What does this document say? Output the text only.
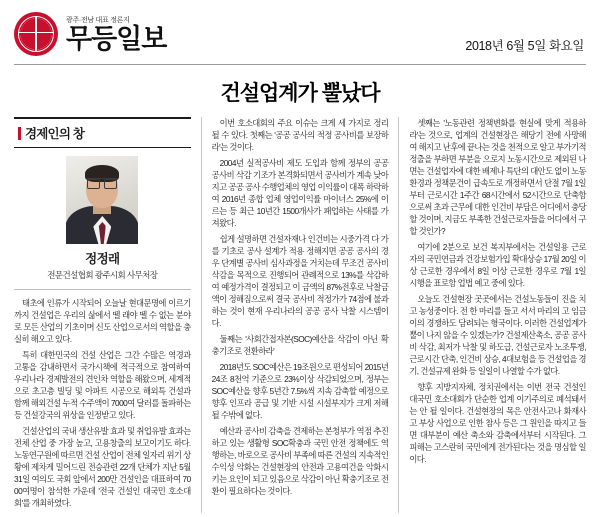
광주·전남 대표 정론지
무등일보	2018년 6월 5일 화요일
건설업계가 뿔났다
경제인의 창
정정래
전문건설협회 광주시회 사무처장

태초에 인류가 시작되어 오늘날 현대문명에 이르기까지 건설업은 우리의 삶에서 뗄 래야 뗄 수 없는 분야로 모든 산업의 기초이며 신도 산업으로서의 역할을 충실히 해오고 있다.

특히 대한민국의 건설 산업은 그간 수많은 역경과 고통을 감내하면서 국가시책에 적극적으로 참여하여 우리나라 경제발전의 견인차 역할을 해왔으며, 세계적으로 초고층 빌딩 및 아파트 시공으로 해외특 건설과 함께 해외건설 누적 수주액이 7000여 달러를 돌파하는 등 건설강국의 위상을 인정받고 있다.

건설산업의 국내 생산유발 효과 및 취업유발 효과는 전체 산업 중 가장 높고, 고용창출의 보고이기도 하다. 노동연구원에 따르면 건설 산업이 전체 일자리 위기 상황에 제차게 밀어드린 전승관련 22개 단체가 지난 5월 31일 여의도 국회 앞에서 200만 건설인을 대표하여 7000여명이 참석한 가운데 '전국 건설인 대국민 호소대회'를 개최하였다.

이번 호소대회의 주요 이슈는 크게 세 가지로 정리될 수 있다. 첫째는 '공공 공사의 적정 공사비를 보장하라'는 것이다.

2004년 실적공사비 제도 도입과 함께 정부의 공공 공사비 삭감 기조가 본격화되면서 공사비가 계속 낮아지고 공공 공사 수행업체의 영업 이익률이 대폭 하락하여 2016년 종합 업체 영업이익률 마이너스 25%에 이르는 등 최근 10년간 1500개사가 패업하는 사태를 가져왔다.

쉽게 설명하면 건설자재나 인건비는 시중가격 다 가를 기초로 공사 설계가 적용 정해지면 공공 공사의 경우 단계별 공사비 심사과정을 거치는데 무조건 공사비 삭감을 목적으로 진행되어 관례적으로 13%를 삭감하여 예정가격이 결정되고 이 금액의 87%전후로 낙찰금액이 정해짐으로써 결국 공사비 적정가가 74점에 불과하는 것이 현재 우리나라의 공공 공사 낙찰 시스템이다.

둘째는 '사회간접자본(SOC)예산을 삭감이 아닌 확충기조로 전환하라'

2018년도 SOC예산은 19조원으로 편성되어 2015년 24조 8천억 기준으로 23%이상 삭감되었으며, 정부는 SOC예산을 향후 5년간 7.5%씩 지속 감축할 예정으로 향후 인프라 공급 및 기반 시설 시설부지가 크게 저해될 수밖에 없다.

예산과 공사비 감축을 견제하는 본청부가 역점 추진하고 있는 생활형 SOC확충과 국민 안전 정책에도 역행하는, 바로으로 공사비 부족에 따른 건설의 지속적인 수익성 악화는 건설현장의 안전과 고용여건을 악화시키는 요인이 되고 있음으로 삭감이 아닌 확충기조로 전환이 필요하다는 것이다.

셋째는 '노동관련 정책변화를 현실에 맞게 적용하라'는 것으로, 업계의 건설현장은 해당기 전에 사망해여 해지고 난후에 끝나는 것을 천적으로 알고 부가기적 정출을 부하면 부분을 으로지 노동시간으로 제외된 나면는 건설업자에 대한 배제나 특단의 대안도 없이 노동 환경과 정책문건이 급속도로 개정하면서 단절 7월 1일부터 근로시간 1주간 68시간에서 52시간으로 단축함으로써 초과 근무에 대한 인건비 부담은 어디에서 충당할 것이며, 지금도 부족한 건설근로자들을 어디에서 구할 것인가?

여기에 2분으로 보건 복지부에서는 건설일용 근로자의 국민연금과 건강보험가입 확대상승 17월 20일 이상 근로한 경우에서 8일 이상 근로한 경우로 7월 1일 시행을 표로함 업법 예고 중에 있다.

오늘도 건설현장 곳곳에서는 건설노동들이 진을 치고 농성중이다. 전 한 마리를 들고 서서 마리의 고 임금이의 경쟁하도 담려되는 형국이다. 이러한 건설업계가 뿔이 나지 않을 수 있겠는가? 건설제산촉소, 공공 공사비 삭감, 최저가 낙찰 및 하도급, 건설근로자 노조투쟁, 근로시간 단축, 인건비 상승, 4대보험을 등 건설업을 경기, 건설규제 완화 등 일일이 나열할 수가 없다.

향후 지방지자체, 정치권에서는 이번 전국 건설인 대국민 호소대회가 단순한 업계 이기주의로 폐석돼서는 안 될 일이다. 건설현장의 목은 안전사고나 화재사고 부상 사업으로 인한 참사 등은 그 원인을 따지고 들면 대부분이 예산 축소와 감축에서부터 시작된다. 그 피해는 고스란히 국민에게 전가된다는 것을 명심할 일이다.
